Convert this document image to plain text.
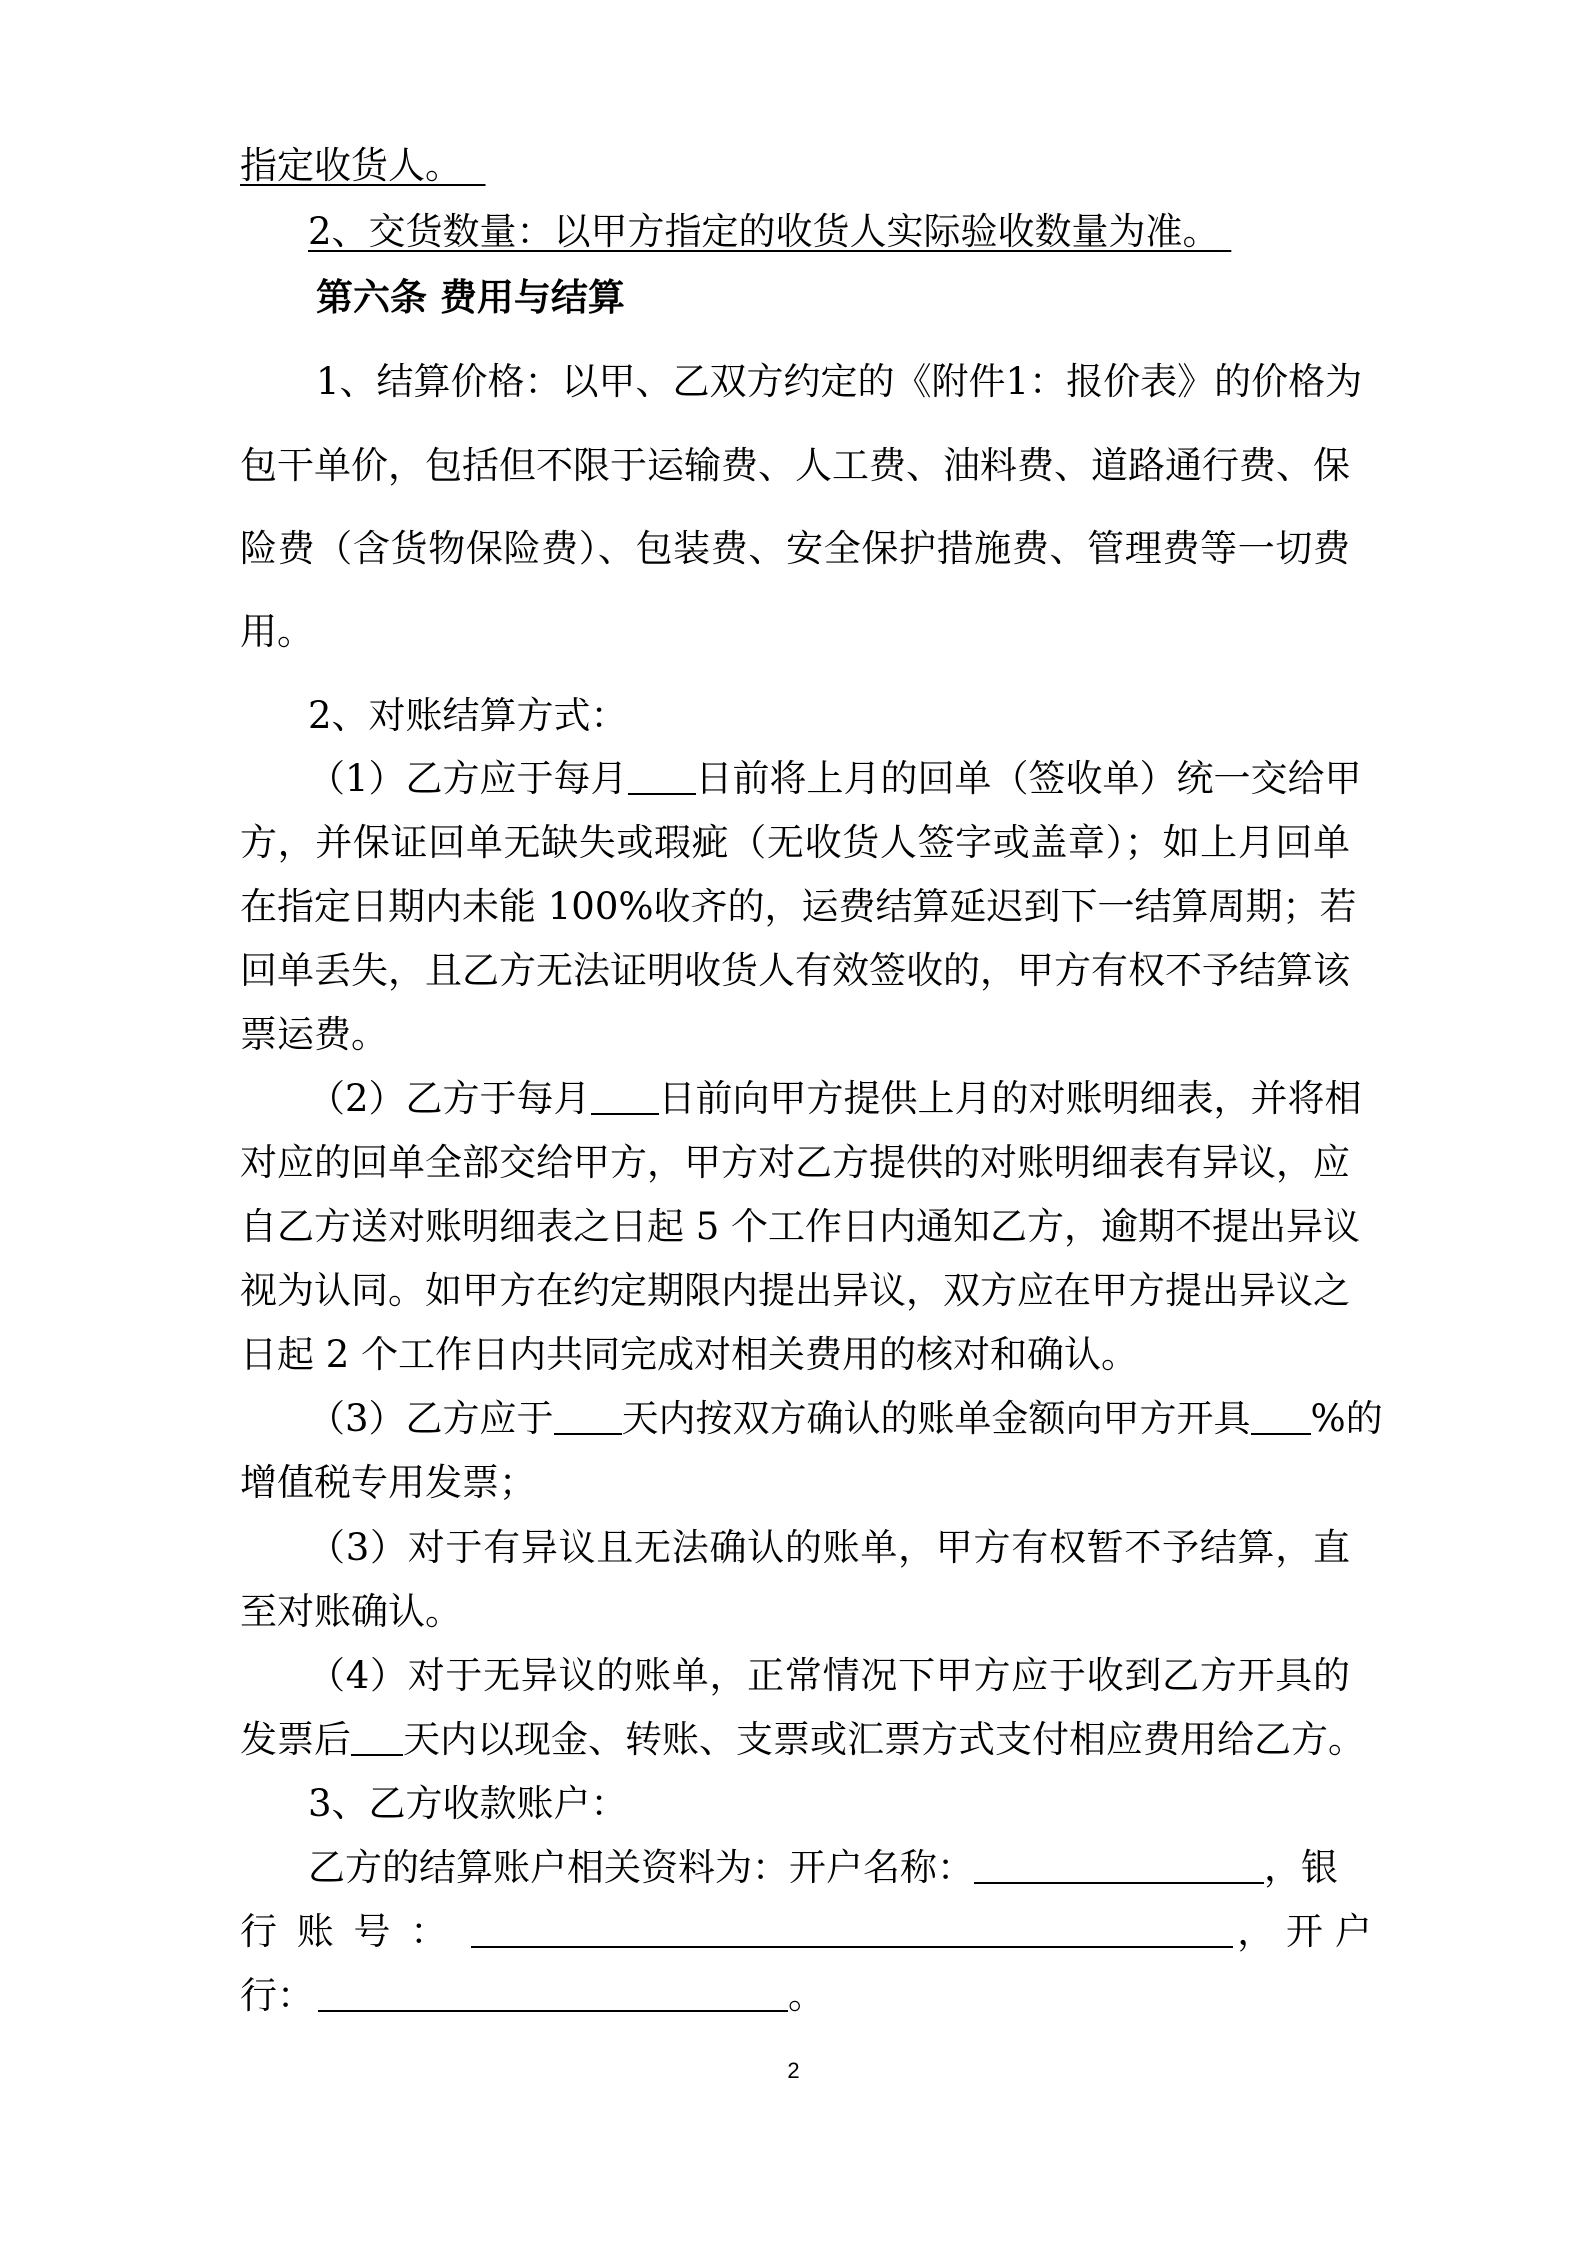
指定收货人。
2、交货数量：以甲方指定的收货人实际验收数量为准。
第六条 费用与结算
1、结算价格：以甲、乙双方约定的《附件1：报价表》的价格为
包干单价，包括但不限于运输费、人工费、油料费、道路通行费、保
险费（含货物保险费）、包装费、安全保护措施费、管理费等一切费
用。
2、对账结算方式：
（1）乙方应于每月 日前将上月的回单（签收单）统一交给甲
方，并保证回单无缺失或瑕疵（无收货人签字或盖章）；如上月回单
在指定日期内未能 100%收齐的，运费结算延迟到下一结算周期；若
回单丢失，且乙方无法证明收货人有效签收的，甲方有权不予结算该
票运费。
（2）乙方于每月 日前向甲方提供上月的对账明细表，并将相
对应的回单全部交给甲方，甲方对乙方提供的对账明细表有异议，应
自乙方送对账明细表之日起 5 个工作日内通知乙方，逾期不提出异议
视为认同。如甲方在约定期限内提出异议，双方应在甲方提出异议之
日起 2 个工作日内共同完成对相关费用的核对和确认。
（3）乙方应于 天内按双方确认的账单金额向甲方开具 %的
增值税专用发票；
（3）对于有异议且无法确认的账单，甲方有权暂不予结算，直
至对账确认。
（4）对于无异议的账单，正常情况下甲方应于收到乙方开具的
发票后 天内以现金、转账、支票或汇票方式支付相应费用给乙方。
3、乙方收款账户：
乙方的结算账户相关资料为：开户名称：	，银
行 账 号 ：	， 开 户
行：	。
2
